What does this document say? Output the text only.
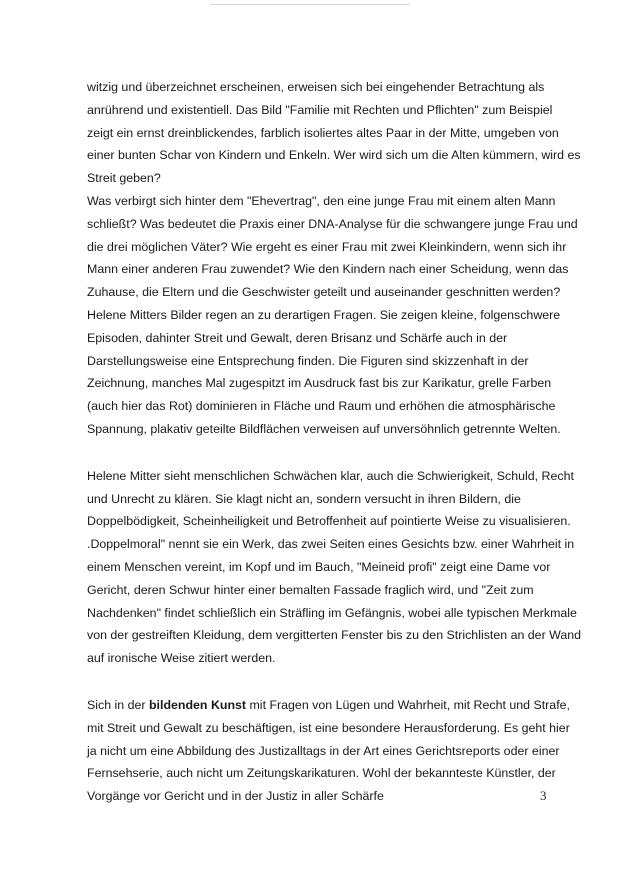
witzig und überzeichnet erscheinen, erweisen sich bei eingehender Betrachtung als
anrührend und existentiell. Das Bild "Familie mit Rechten und Pflichten" zum Beispiel
zeigt ein ernst dreinblickendes, farblich isoliertes altes Paar in der Mitte, umgeben von
einer bunten Schar von Kindern und Enkeln. Wer wird sich um die Alten kümmern, wird es
Streit geben?
Was verbirgt sich hinter dem "Ehevertrag", den eine junge Frau mit einem alten Mann
schließt? Was bedeutet die Praxis einer DNA-Analyse für die schwangere junge Frau und
die drei möglichen Väter? Wie ergeht es einer Frau mit zwei Kleinkindern, wenn sich ihr
Mann einer anderen Frau zuwendet? Wie den Kindern nach einer Scheidung, wenn das
Zuhause, die Eltern und die Geschwister geteilt und auseinander geschnitten werden?
Helene Mitters Bilder regen an zu derartigen Fragen. Sie zeigen kleine, folgenschwere
Episoden, dahinter Streit und Gewalt, deren Brisanz und Schärfe auch in der
Darstellungsweise eine Entsprechung finden. Die Figuren sind skizzenhaft in der
Zeichnung, manches Mal zugespitzt im Ausdruck fast bis zur Karikatur, grelle Farben
(auch hier das Rot) dominieren in Fläche und Raum und erhöhen die atmosphärische
Spannung, plakativ geteilte Bildflächen verweisen auf unversöhnlich getrennte Welten.

Helene Mitter sieht menschlichen Schwächen klar, auch die Schwierigkeit, Schuld, Recht
und Unrecht zu klären. Sie klagt nicht an, sondern versucht in ihren Bildern, die
Doppelbödigkeit, Scheinheiligkeit und Betroffenheit auf pointierte Weise zu visualisieren.
.Doppelmoral" nennt sie ein Werk, das zwei Seiten eines Gesichts bzw. einer Wahrheit in
einem Menschen vereint, im Kopf und im Bauch, "Meineid profi" zeigt eine Dame vor
Gericht, deren Schwur hinter einer bemalten Fassade fraglich wird, und "Zeit zum
Nachdenken" findet schließlich ein Sträfling im Gefängnis, wobei alle typischen Merkmale
von der gestreiften Kleidung, dem vergitterten Fenster bis zu den Strichlisten an der Wand
auf ironische Weise zitiert werden.

Sich in der bildenden Kunst mit Fragen von Lügen und Wahrheit, mit Recht und Strafe,
mit Streit und Gewalt zu beschäftigen, ist eine besondere Herausforderung. Es geht hier
ja nicht um eine Abbildung des Justizalltags in der Art eines Gerichtsreports oder einer
Fernsehserie, auch nicht um Zeitungskarikaturen. Wohl der bekannteste Künstler, der
Vorgänge vor Gericht und in der Justiz in aller Schärfe	3
